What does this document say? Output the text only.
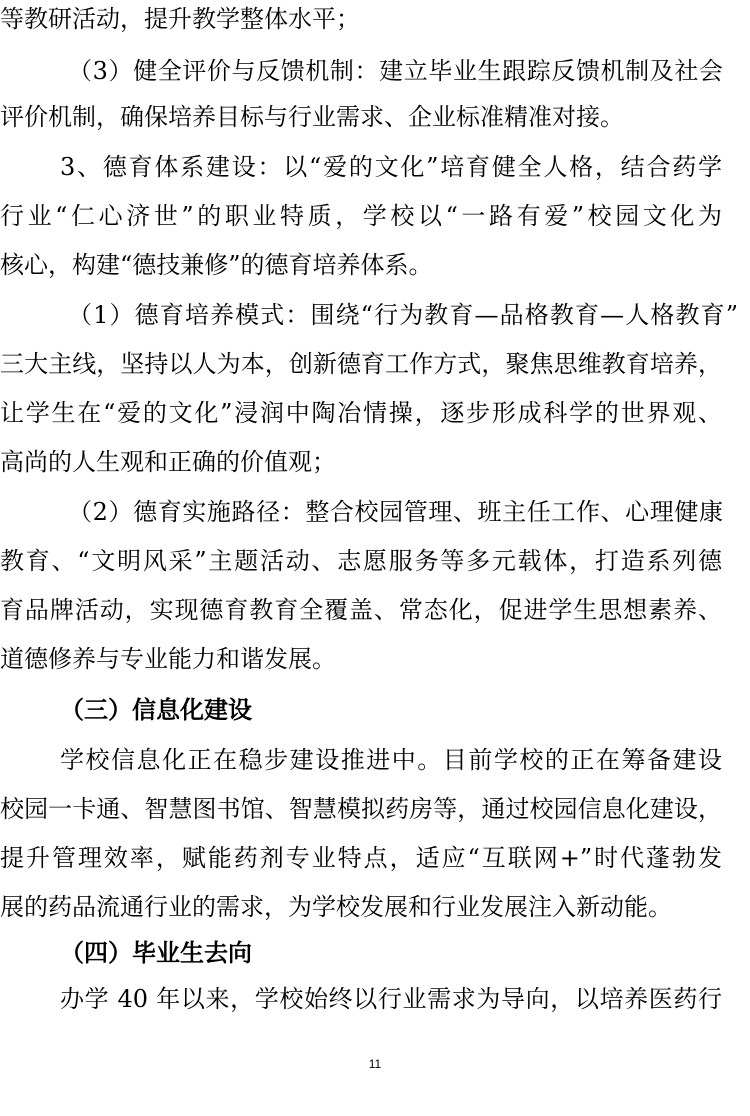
等教研活动，提升教学整体水平；
（3）健全评价与反馈机制：建立毕业生跟踪反馈机制及社会
评价机制，确保培养目标与行业需求、企业标准精准对接。
3、德育体系建设：以“爱的文化”培育健全人格，结合药学
行业“仁心济世”的职业特质，学校以“一路有爱”校园文化为
核心，构建“德技兼修”的德育培养体系。
（1）德育培养模式：围绕“行为教育—品格教育—人格教育”
三大主线，坚持以人为本，创新德育工作方式，聚焦思维教育培养，
让学生在“爱的文化”浸润中陶冶情操，逐步形成科学的世界观、
高尚的人生观和正确的价值观；
（2）德育实施路径：整合校园管理、班主任工作、心理健康
教育、“文明风采”主题活动、志愿服务等多元载体，打造系列德
育品牌活动，实现德育教育全覆盖、常态化，促进学生思想素养、
道德修养与专业能力和谐发展。
（三）信息化建设
学校信息化正在稳步建设推进中。目前学校的正在筹备建设
校园一卡通、智慧图书馆、智慧模拟药房等，通过校园信息化建设，
提升管理效率，赋能药剂专业特点，适应“互联网+”时代蓬勃发
展的药品流通行业的需求，为学校发展和行业发展注入新动能。
（四）毕业生去向
办学 40 年以来，学校始终以行业需求为导向，以培养医药行
11
